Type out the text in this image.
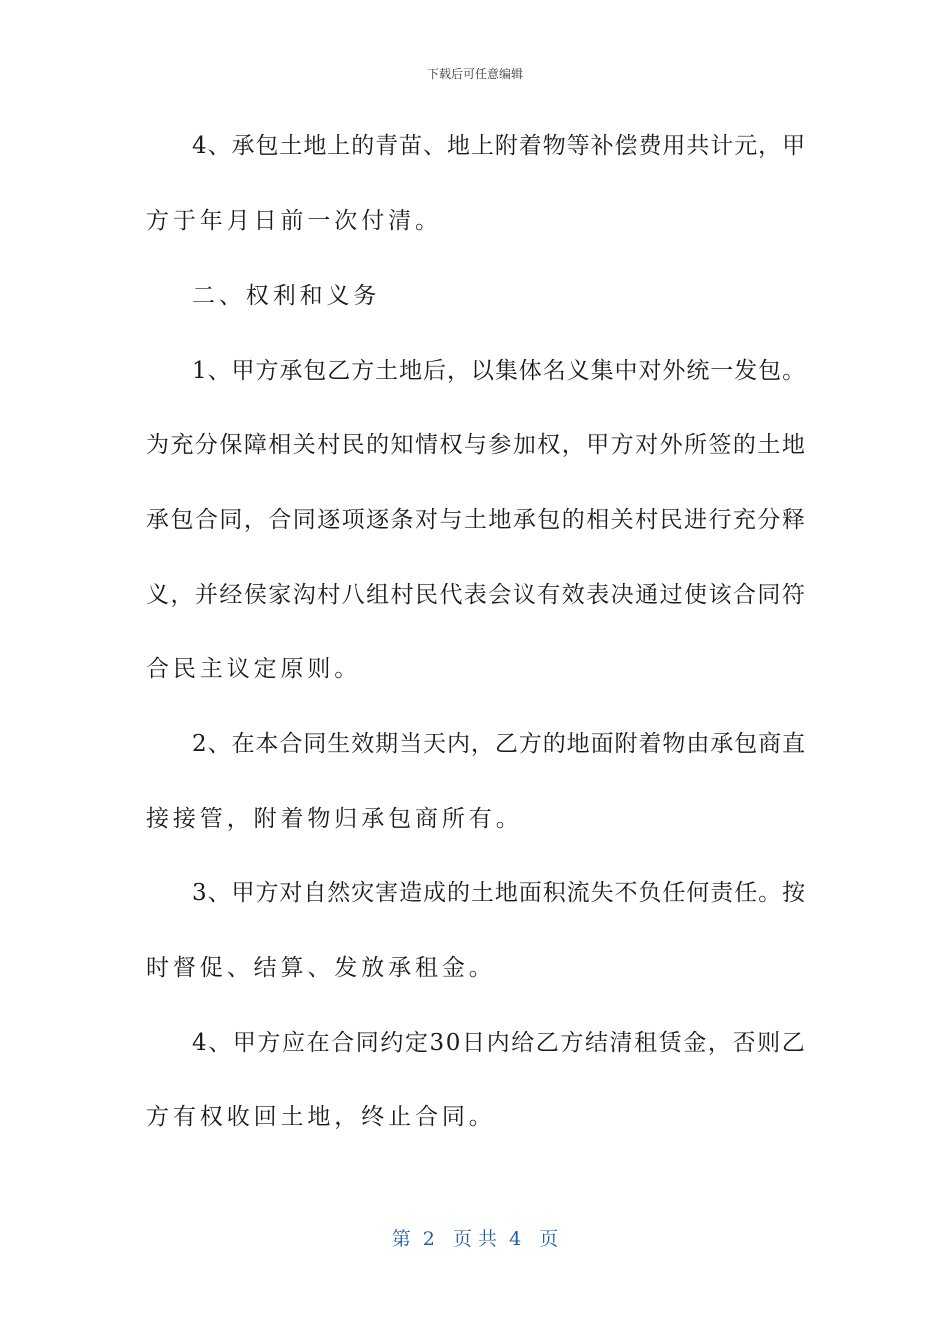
下载后可任意编辑
4、承包土地上的青苗、地上附着物等补偿费用共计元，甲
方于年月日前一次付清。
二、权利和义务
1、甲方承包乙方土地后，以集体名义集中对外统一发包。
为充分保障相关村民的知情权与参加权，甲方对外所签的土地
承包合同，合同逐项逐条对与土地承包的相关村民进行充分释
义，并经侯家沟村八组村民代表会议有效表决通过使该合同符
合民主议定原则。
2、在本合同生效期当天内，乙方的地面附着物由承包商直
接接管，附着物归承包商所有。
3、甲方对自然灾害造成的土地面积流失不负任何责任。按
时督促、结算、发放承租金。
4、甲方应在合同约定30日内给乙方结清租赁金，否则乙
方有权收回土地，终止合同。
第  2   页 共  4   页
